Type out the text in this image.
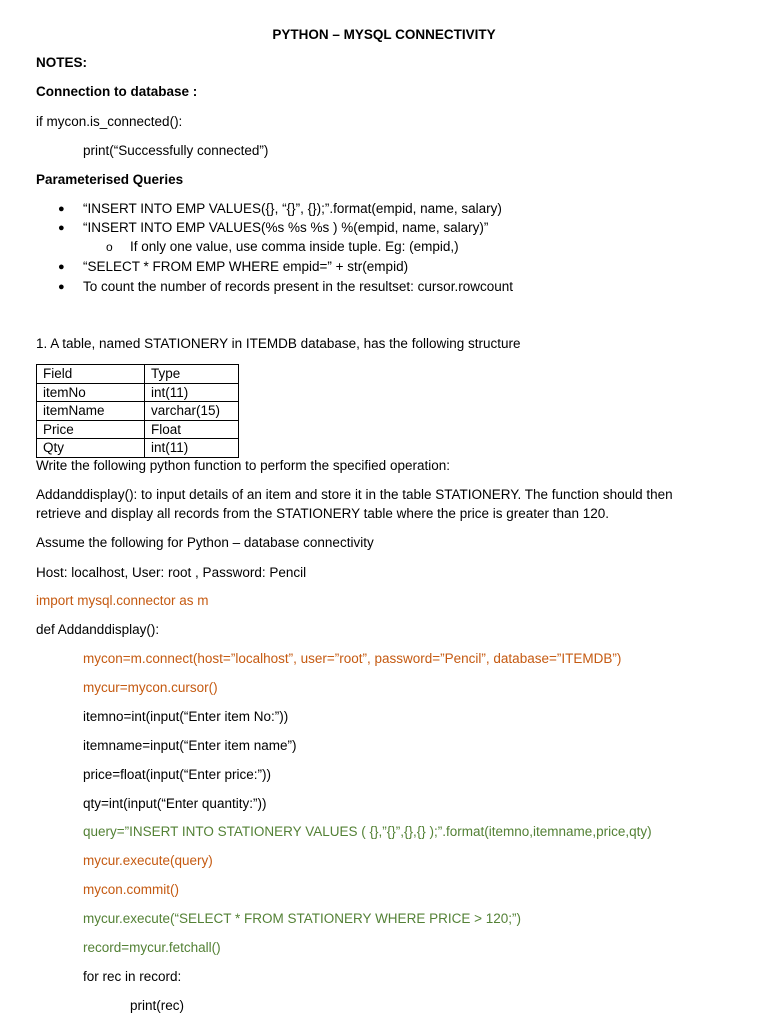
PYTHON – MYSQL CONNECTIVITY
NOTES:
Connection to database :
if mycon.is_connected():
print(“Successfully connected”)
Parameterised Queries
● “INSERT INTO EMP VALUES({}, “{}”, {});”.format(empid, name, salary)
● “INSERT INTO EMP VALUES(%s %s %s ) %(empid, name, salary)”
o If only one value, use comma inside tuple. Eg: (empid,)
● “SELECT * FROM EMP WHERE empid=” + str(empid)
● To count the number of records present in the resultset: cursor.rowcount
1. A table, named STATIONERY in ITEMDB database, has the following structure
Field	Type
itemNo	int(11)
itemName	varchar(15)
Price	Float
Qty	int(11)
Write the following python function to perform the specified operation:
Addanddisplay(): to input details of an item and store it in the table STATIONERY. The function should then
retrieve and display all records from the STATIONERY table where the price is greater than 120.
Assume the following for Python – database connectivity
Host: localhost, User: root , Password: Pencil
import mysql.connector as m
def Addanddisplay():
mycon=m.connect(host=”localhost”, user=”root”, password=”Pencil”, database=”ITEMDB”)
mycur=mycon.cursor()
itemno=int(input(“Enter item No:”))
itemname=input(“Enter item name”)
price=float(input(“Enter price:”))
qty=int(input(“Enter quantity:”))
query=”INSERT INTO STATIONERY VALUES ( {},”{}”,{},{} );”.format(itemno,itemname,price,qty)
mycur.execute(query)
mycon.commit()
mycur.execute(“SELECT * FROM STATIONERY WHERE PRICE > 120;”)
record=mycur.fetchall()
for rec in record:
print(rec)
